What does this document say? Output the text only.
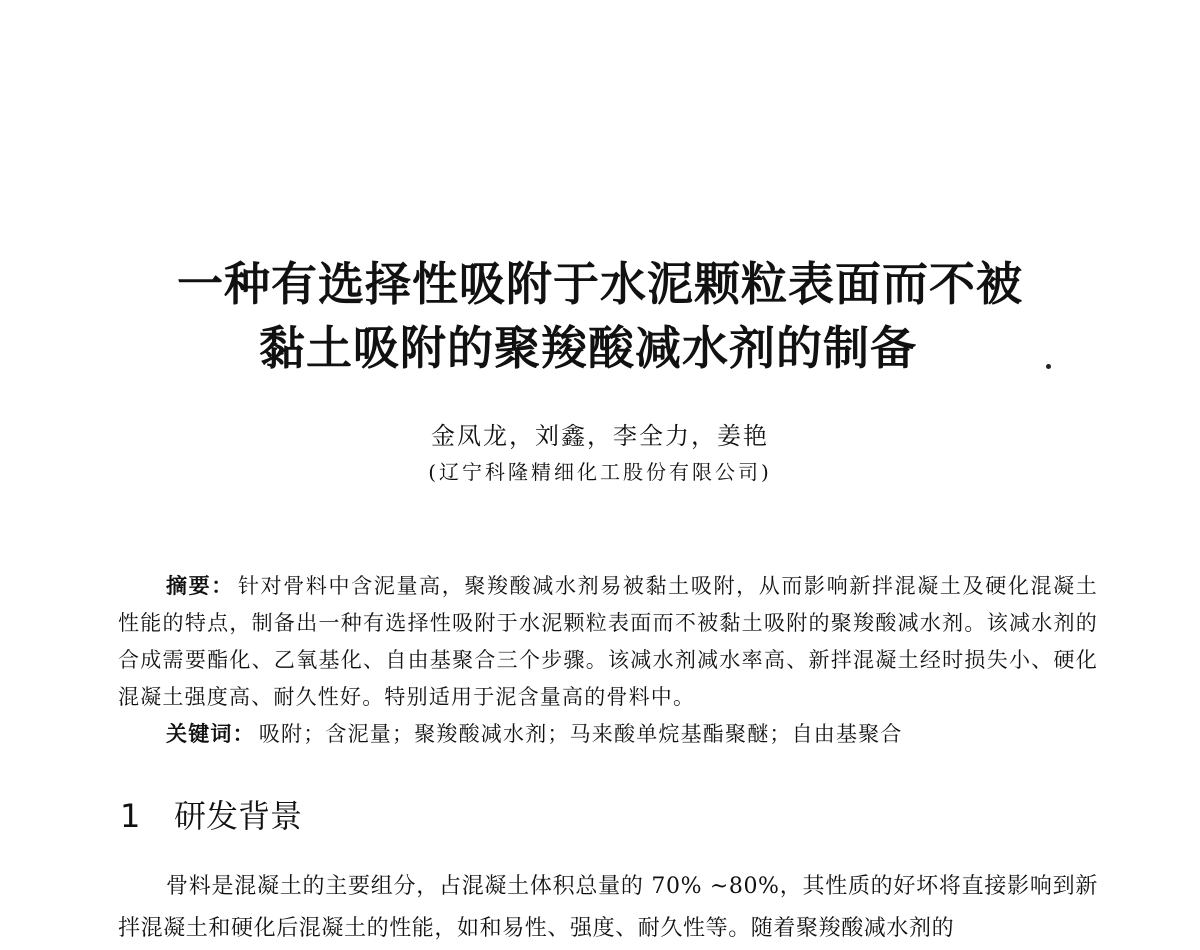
一种有选择性吸附于水泥颗粒表面而不被
黏土吸附的聚羧酸减水剂的制备
金凤龙，刘鑫，李全力，姜艳
(辽宁科隆精细化工股份有限公司)

摘要： 针对骨料中含泥量高，聚羧酸减水剂易被黏土吸附，从而影响新拌混凝土及硬化混凝土性能的特点，制备出一种有选择性吸附于水泥颗粒表面而不被黏土吸附的聚羧酸减水剂。该减水剂的合成需要酯化、乙氧基化、自由基聚合三个步骤。该减水剂减水率高、新拌混凝土经时损失小、硬化混凝土强度高、耐久性好。特别适用于泥含量高的骨料中。

关键词： 吸附；含泥量；聚羧酸减水剂；马来酸单烷基酯聚醚；自由基聚合

1 研发背景

骨料是混凝土的主要组分，占混凝土体积总量的 70% ~80%，其性质的好坏将直接影响到新拌混凝土和硬化后混凝土的性能，如和易性、强度、耐久性等。随着聚羧酸减水剂的
